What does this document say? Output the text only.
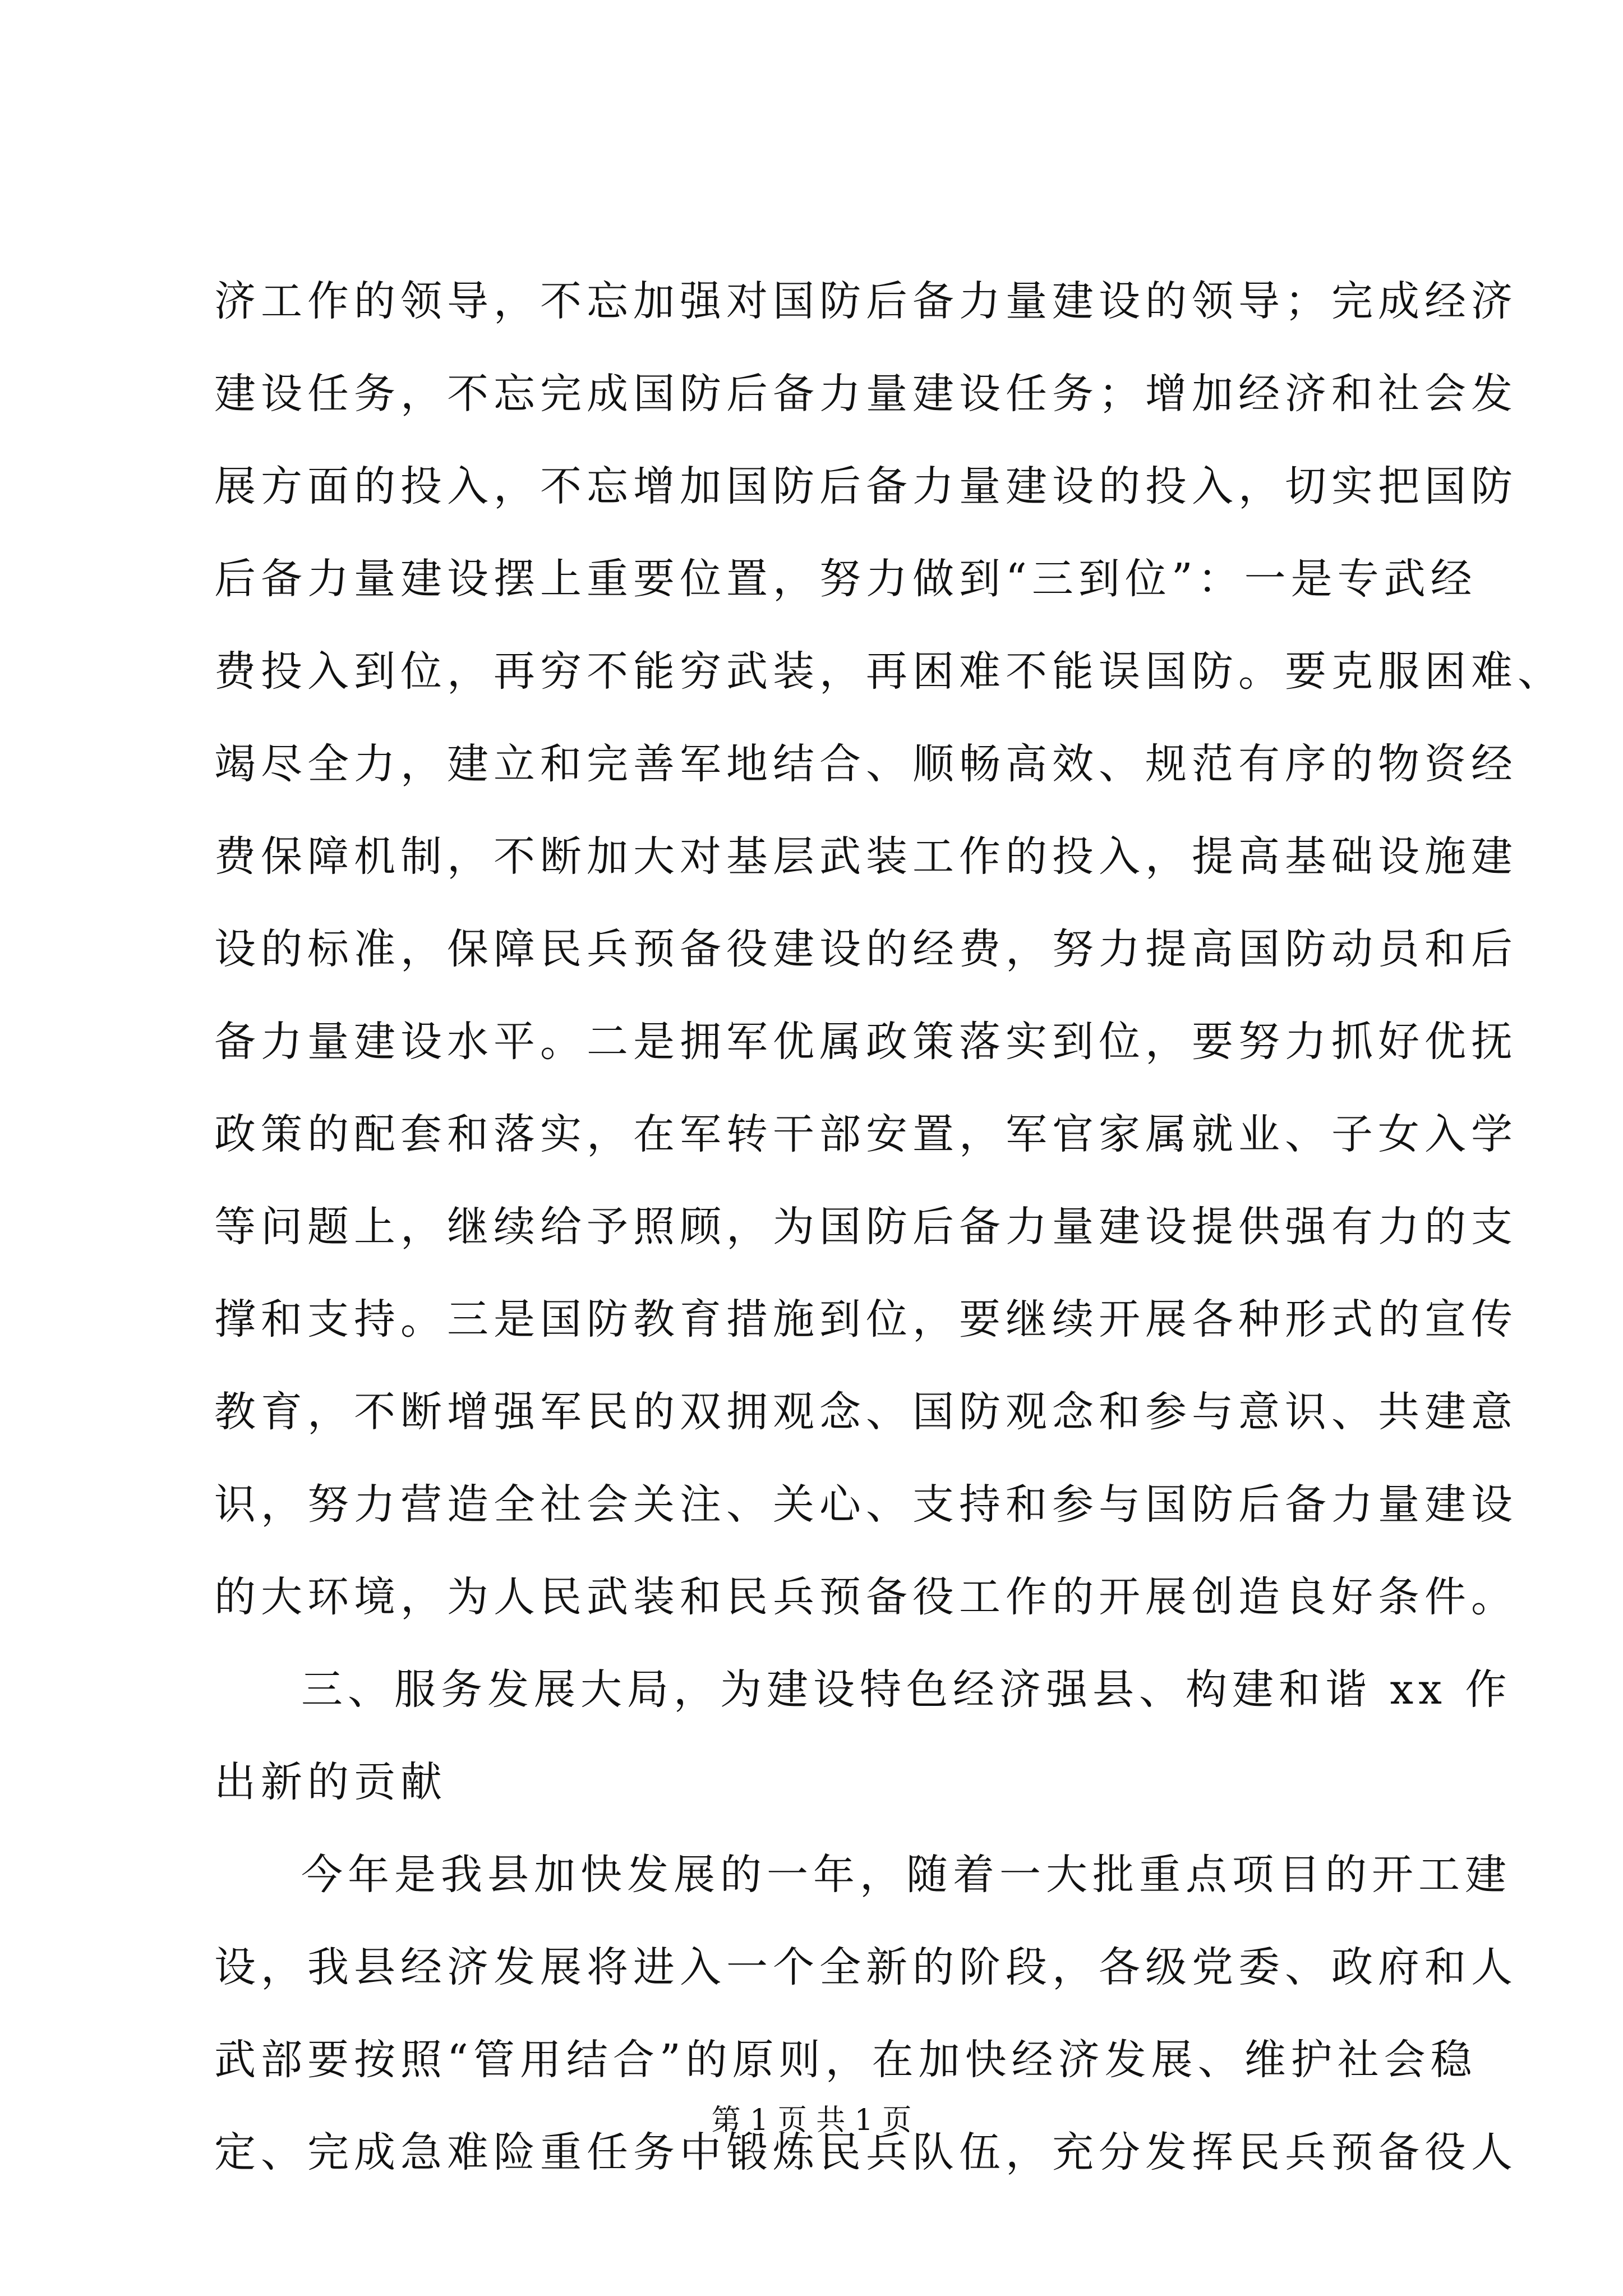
济工作的领导，不忘加强对国防后备力量建设的领导；完成经济
建设任务，不忘完成国防后备力量建设任务；增加经济和社会发
展方面的投入，不忘增加国防后备力量建设的投入，切实把国防
后备力量建设摆上重要位置，努力做到“三到位”：一是专武经
费投入到位，再穷不能穷武装，再困难不能误国防。要克服困难、
竭尽全力，建立和完善军地结合、顺畅高效、规范有序的物资经
费保障机制，不断加大对基层武装工作的投入，提高基础设施建
设的标准，保障民兵预备役建设的经费，努力提高国防动员和后
备力量建设水平。二是拥军优属政策落实到位，要努力抓好优抚
政策的配套和落实，在军转干部安置，军官家属就业、子女入学
等问题上，继续给予照顾，为国防后备力量建设提供强有力的支
撑和支持。三是国防教育措施到位，要继续开展各种形式的宣传
教育，不断增强军民的双拥观念、国防观念和参与意识、共建意
识，努力营造全社会关注、关心、支持和参与国防后备力量建设
的大环境，为人民武装和民兵预备役工作的开展创造良好条件。
三、服务发展大局，为建设特色经济强县、构建和谐 xx 作
出新的贡献
今年是我县加快发展的一年，随着一大批重点项目的开工建
设，我县经济发展将进入一个全新的阶段，各级党委、政府和人
武部要按照“管用结合”的原则，在加快经济发展、维护社会稳
定、完成急难险重任务中锻炼民兵队伍，充分发挥民兵预备役人
第 1 页 共 1 页
